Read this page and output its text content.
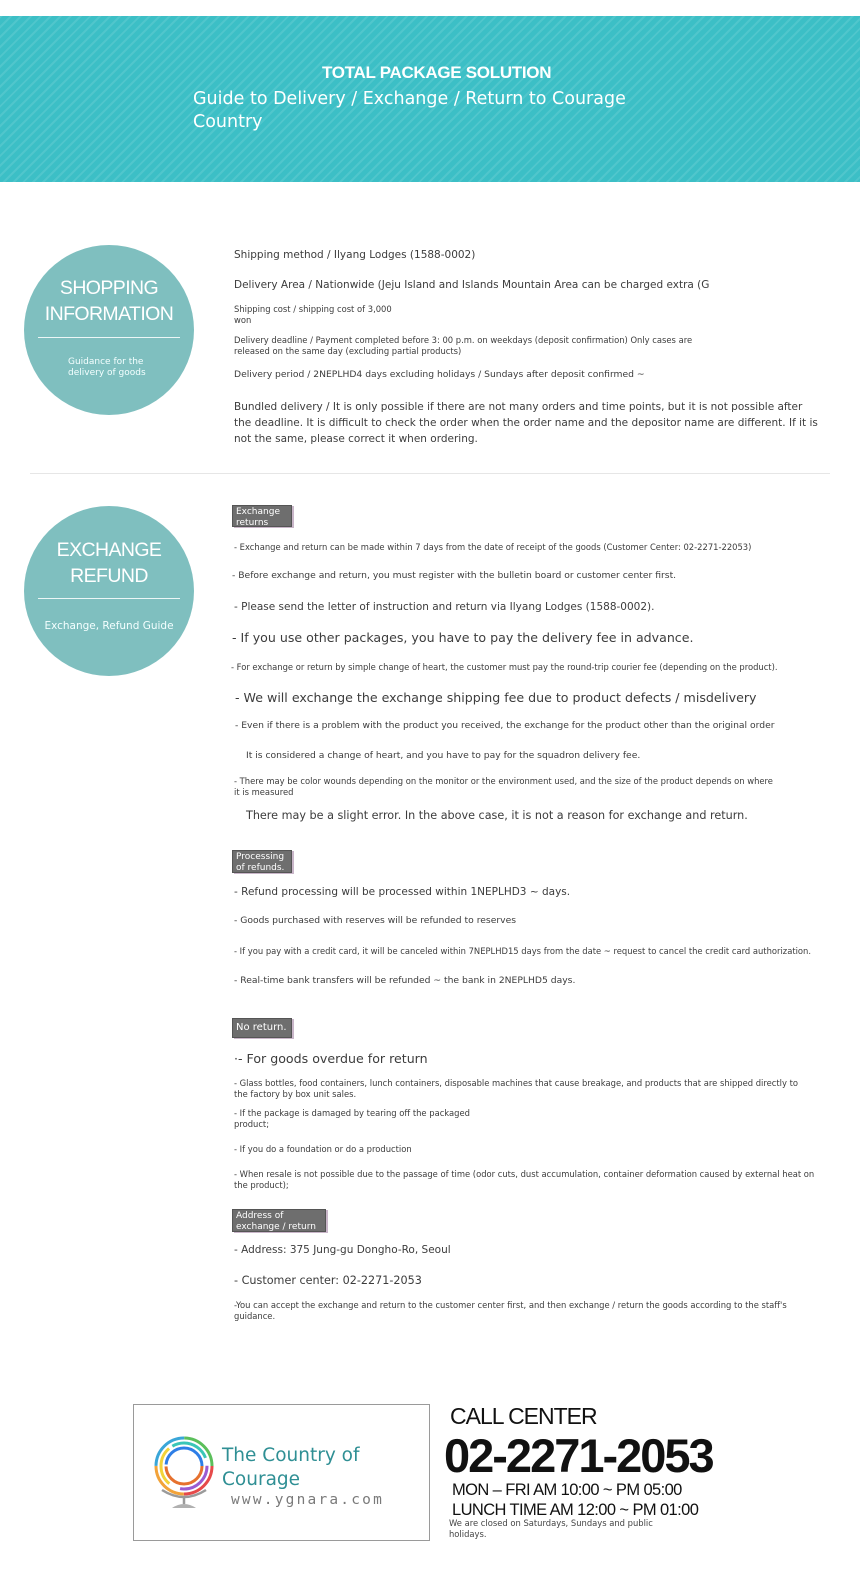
TOTAL PACKAGE SOLUTION
Guide to Delivery / Exchange / Return to Courage Country
SHOPPING
INFORMATION
Guidance for the delivery of goods
Shipping method / Ilyang Lodges (1588-0002)
Delivery Area / Nationwide (Jeju Island and Islands Mountain Area can be charged extra (G
Shipping cost / shipping cost of 3,000 won
Delivery deadline / Payment completed before 3: 00 p.m. on weekdays (deposit confirmation) Only cases are released on the same day (excluding partial products)
Delivery period / 2NEPLHD4 days excluding holidays / Sundays after deposit confirmed ~
Bundled delivery / It is only possible if there are not many orders and time points, but it is not possible after the deadline. It is difficult to check the order when the order name and the depositor name are different. If it is not the same, please correct it when ordering.
EXCHANGE
REFUND
Exchange, Refund Guide
Exchange
returns
- Exchange and return can be made within 7 days from the date of receipt of the goods (Customer Center: 02-2271-22053)
- Before exchange and return, you must register with the bulletin board or customer center first.
- Please send the letter of instruction and return via Ilyang Lodges (1588-0002).
- If you use other packages, you have to pay the delivery fee in advance.
- For exchange or return by simple change of heart, the customer must pay the round-trip courier fee (depending on the product).
- We will exchange the exchange shipping fee due to product defects / misdelivery
- Even if there is a problem with the product you received, the exchange for the product other than the original order
It is considered a change of heart, and you have to pay for the squadron delivery fee.
- There may be color wounds depending on the monitor or the environment used, and the size of the product depends on where it is measured
There may be a slight error. In the above case, it is not a reason for exchange and return.
Processing
of refunds.
- Refund processing will be processed within 1NEPLHD3 ~ days.
- Goods purchased with reserves will be refunded to reserves
- If you pay with a credit card, it will be canceled within 7NEPLHD15 days from the date ~ request to cancel the credit card authorization.
- Real-time bank transfers will be refunded ~ the bank in 2NEPLHD5 days.
No return.
·- For goods overdue for return
- Glass bottles, food containers, lunch containers, disposable machines that cause breakage, and products that are shipped directly to the factory by box unit sales.
- If the package is damaged by tearing off the packaged product;
- If you do a foundation or do a production
- When resale is not possible due to the passage of time (odor cuts, dust accumulation, container deformation caused by external heat on the product);
Address of
exchange / return
- Address: 375 Jung-gu Dongho-Ro, Seoul
- Customer center: 02-2271-2053
-You can accept the exchange and return to the customer center first, and then exchange / return the goods according to the staff's guidance.
The Country of
Courage
www.ygnara.com
CALL CENTER
02-2271-2053
MON – FRI AM 10:00 ~ PM 05:00
LUNCH TIME AM 12:00 ~ PM 01:00
We are closed on Saturdays, Sundays and public holidays.
